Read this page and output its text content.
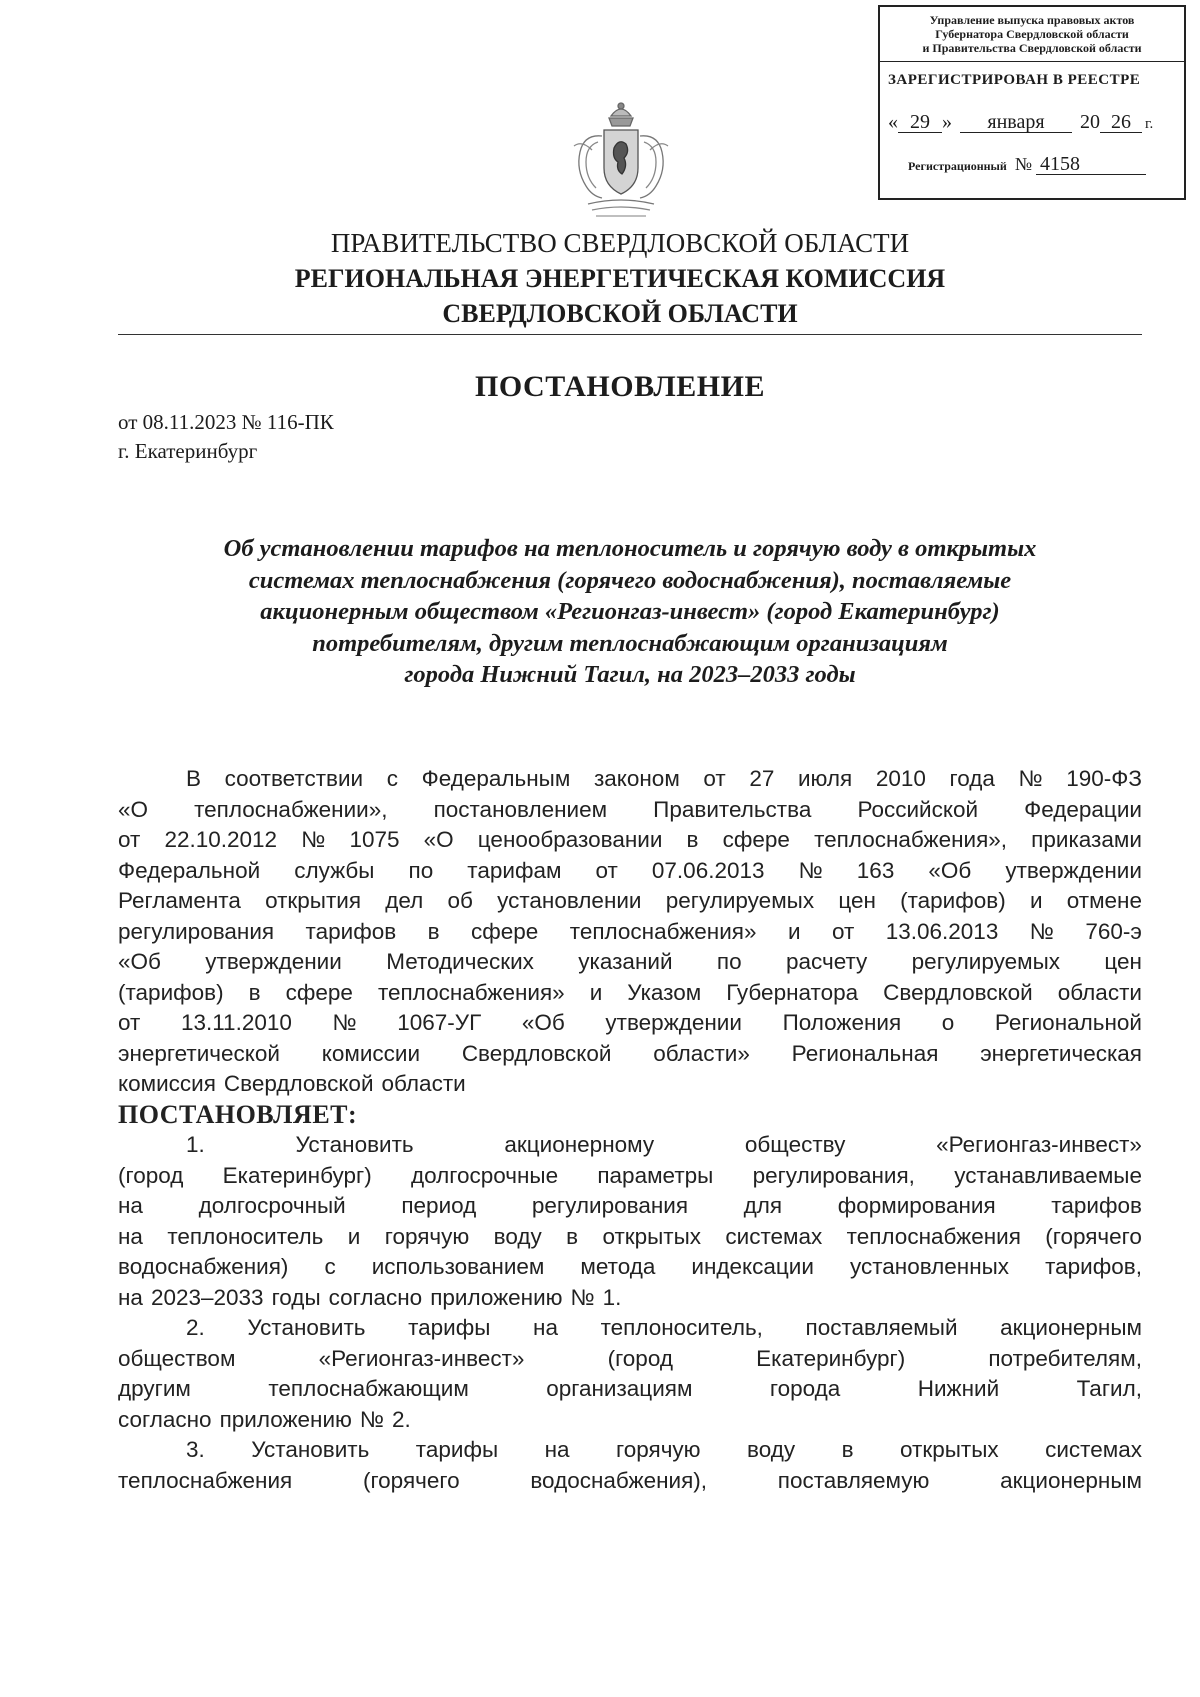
Управление выпуска правовых актов
Губернатора Свердловской области
и Правительства Свердловской области
ЗАРЕГИСТРИРОВАН В РЕЕСТРЕ
« 29 » января 20 26 г.
Регистрационный № 4158
ПРАВИТЕЛЬСТВО СВЕРДЛОВСКОЙ ОБЛАСТИ
РЕГИОНАЛЬНАЯ ЭНЕРГЕТИЧЕСКАЯ КОМИССИЯ
СВЕРДЛОВСКОЙ ОБЛАСТИ
ПОСТАНОВЛЕНИЕ
от 08.11.2023 № 116-ПК
г. Екатеринбург
Об установлении тарифов на теплоноситель и горячую воду в открытых
системах теплоснабжения (горячего водоснабжения), поставляемые
акционерным обществом «Регионгаз-инвест» (город Екатеринбург)
потребителям, другим теплоснабжающим организациям
города Нижний Тагил, на 2023–2033 годы
В соответствии с Федеральным законом от 27 июля 2010 года № 190-ФЗ
«О теплоснабжении», постановлением Правительства Российской Федерации
от 22.10.2012 № 1075 «О ценообразовании в сфере теплоснабжения», приказами
Федеральной службы по тарифам от 07.06.2013 № 163 «Об утверждении
Регламента открытия дел об установлении регулируемых цен (тарифов) и отмене
регулирования тарифов в сфере теплоснабжения» и от 13.06.2013 № 760-э
«Об утверждении Методических указаний по расчету регулируемых цен
(тарифов) в сфере теплоснабжения» и Указом Губернатора Свердловской области
от 13.11.2010 № 1067-УГ «Об утверждении Положения о Региональной
энергетической комиссии Свердловской области» Региональная энергетическая
комиссия Свердловской области
ПОСТАНОВЛЯЕТ:
1.	Установить	акционерному	обществу	«Регионгаз-инвест»
(город Екатеринбург) долгосрочные параметры регулирования, устанавливаемые
на долгосрочный период регулирования для формирования тарифов
на теплоноситель и горячую воду в открытых системах теплоснабжения (горячего
водоснабжения) с использованием метода индексации установленных тарифов,
на 2023–2033 годы согласно приложению № 1.
2. Установить тарифы на теплоноситель, поставляемый акционерным
обществом	«Регионгаз-инвест»	(город	Екатеринбург)	потребителям,
другим	теплоснабжающим	организациям	города	Нижний	Тагил,
согласно приложению № 2.
3. Установить тарифы на горячую воду в открытых системах
теплоснабжения	(горячего	водоснабжения),	поставляемую	акционерным
